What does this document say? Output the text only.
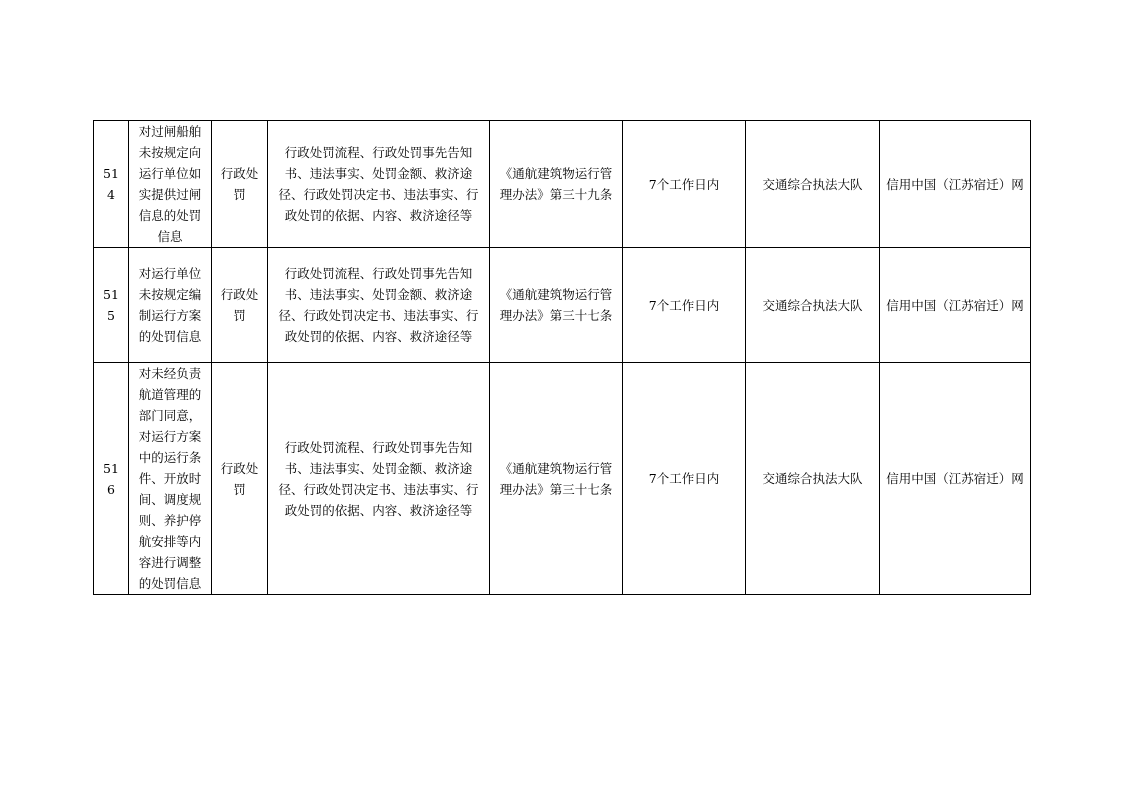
514	对过闸船舶未按规定向运行单位如实提供过闸信息的处罚信息	行政处罚	行政处罚流程、行政处罚事先告知书、违法事实、处罚金额、救济途径、行政处罚决定书、违法事实、行政处罚的依据、内容、救济途径等	《通航建筑物运行管理办法》第三十九条	7个工作日内	交通综合执法大队	信用中国（江苏宿迁）网
515	对运行单位未按规定编制运行方案的处罚信息	行政处罚	行政处罚流程、行政处罚事先告知书、违法事实、处罚金额、救济途径、行政处罚决定书、违法事实、行政处罚的依据、内容、救济途径等	《通航建筑物运行管理办法》第三十七条	7个工作日内	交通综合执法大队	信用中国（江苏宿迁）网
516	对未经负责航道管理的部门同意，对运行方案中的运行条件、开放时间、调度规则、养护停航安排等内容进行调整的处罚信息	行政处罚	行政处罚流程、行政处罚事先告知书、违法事实、处罚金额、救济途径、行政处罚决定书、违法事实、行政处罚的依据、内容、救济途径等	《通航建筑物运行管理办法》第三十七条	7个工作日内	交通综合执法大队	信用中国（江苏宿迁）网
